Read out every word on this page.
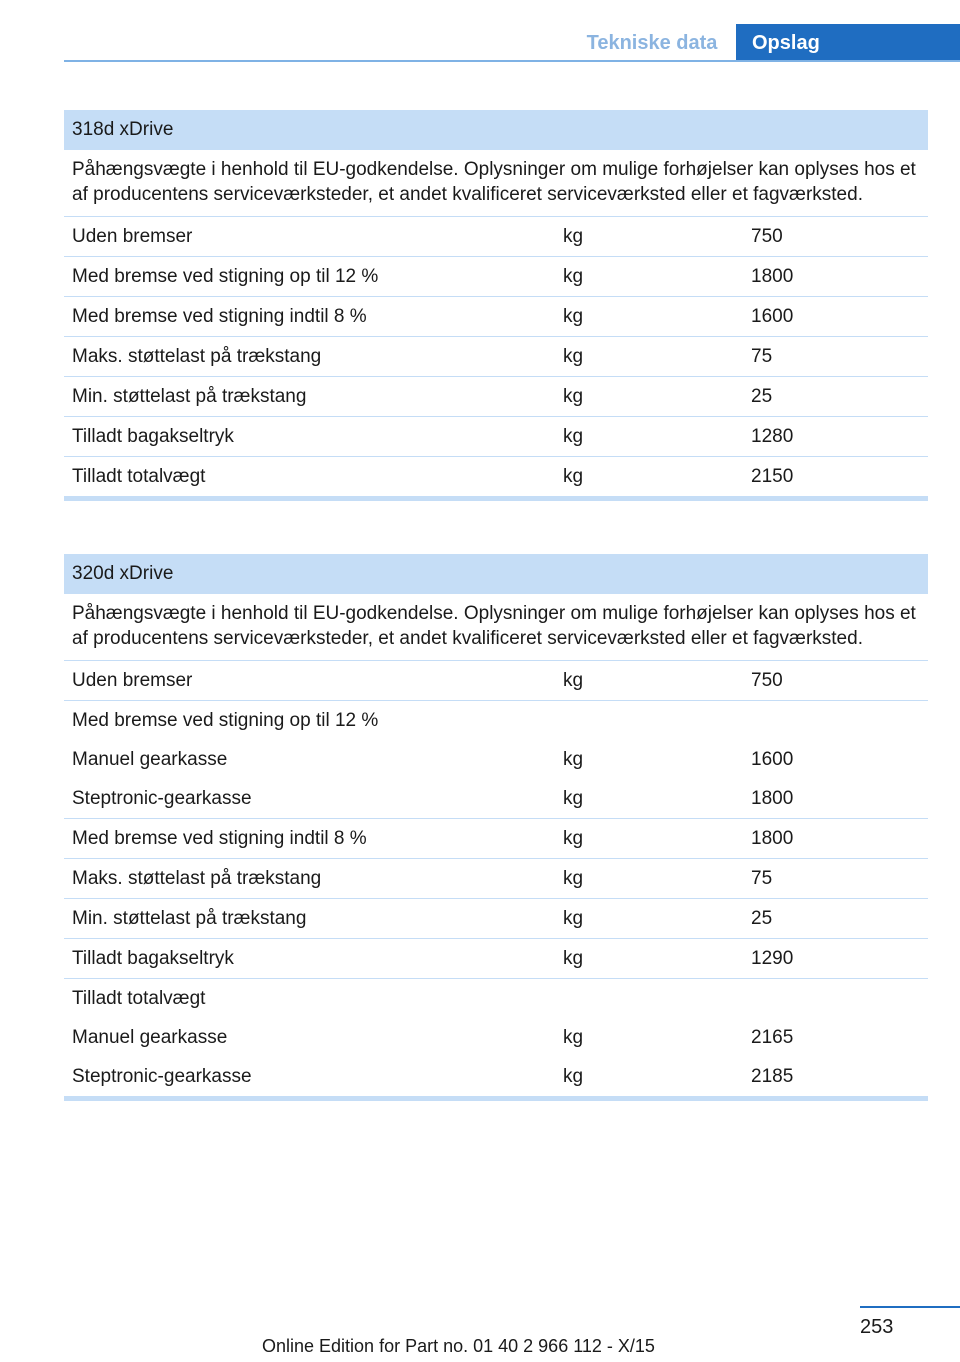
Tekniske data	Opslag
318d xDrive		
Påhængsvægte i henhold til EU-godkendelse. Oplysninger om mulige forhøjelser kan oplyses hos et af producentens serviceværksteder, et andet kvalificeret serviceværksted eller et fagværksted.		
Uden bremser	kg	750
Med bremse ved stigning op til 12 %	kg	1800
Med bremse ved stigning indtil 8 %	kg	1600
Maks. støttelast på trækstang	kg	75
Min. støttelast på trækstang	kg	25
Tilladt bagakseltryk	kg	1280
Tilladt totalvægt	kg	2150
320d xDrive		
Påhængsvægte i henhold til EU-godkendelse. Oplysninger om mulige forhøjelser kan oplyses hos et af producentens serviceværksteder, et andet kvalificeret serviceværksted eller et fagværksted.		
Uden bremser	kg	750
Med bremse ved stigning op til 12 %		
Manuel gearkasse	kg	1600
Steptronic-gearkasse	kg	1800
Med bremse ved stigning indtil 8 %	kg	1800
Maks. støttelast på trækstang	kg	75
Min. støttelast på trækstang	kg	25
Tilladt bagakseltryk	kg	1290
Tilladt totalvægt		
Manuel gearkasse	kg	2165
Steptronic-gearkasse	kg	2185
253
Online Edition for Part no. 01 40 2 966 112 - X/15
